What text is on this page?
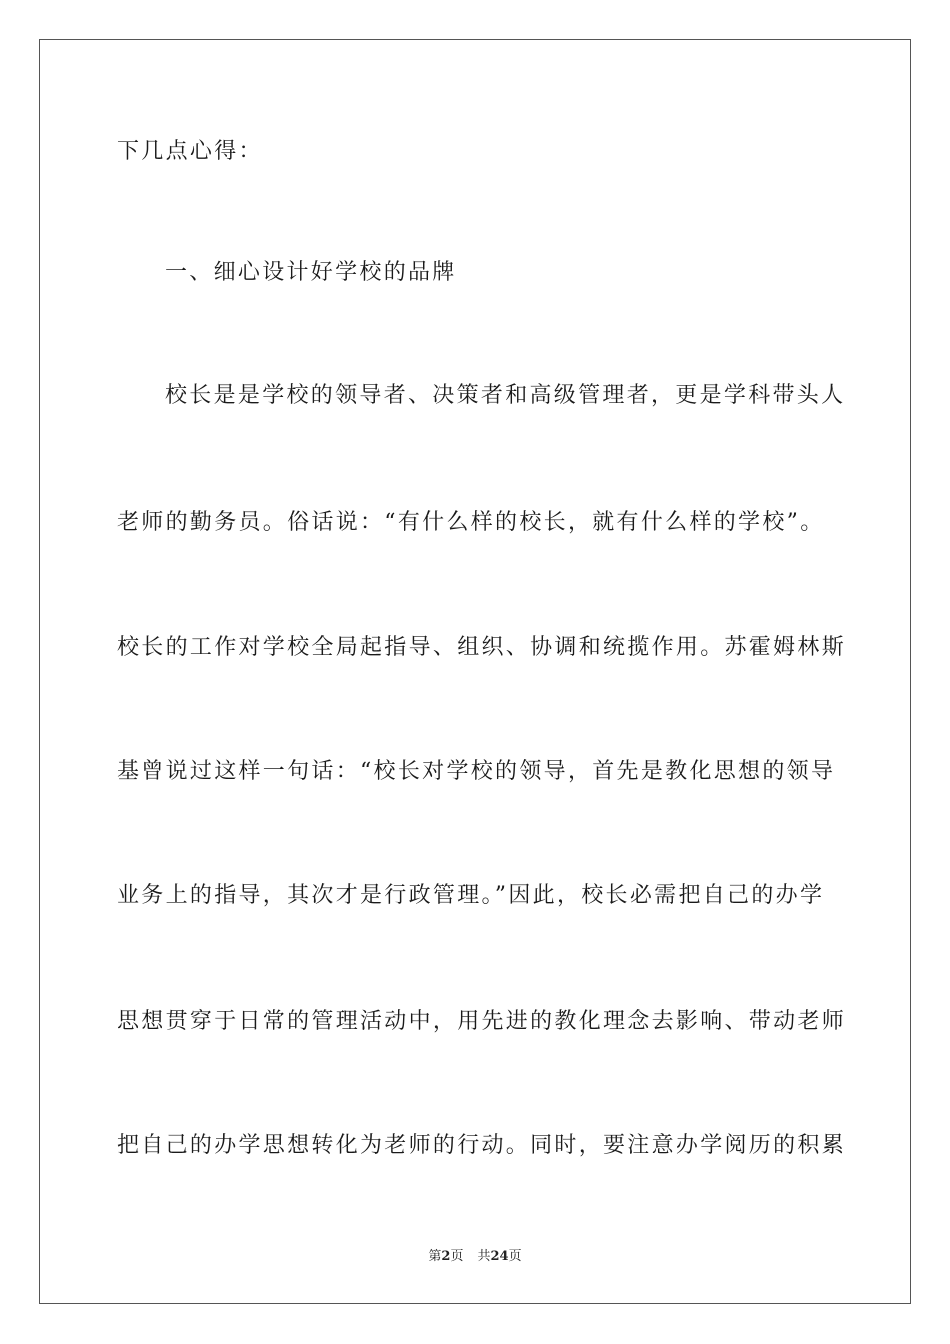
下几点心得：
一、细心设计好学校的品牌
校长是是学校的领导者、决策者和高级管理者，更是学科带头人
老师的勤务员。俗话说：“有什么样的校长，就有什么样的学校”。
校长的工作对学校全局起指导、组织、协调和统揽作用。苏霍姆林斯
基曾说过这样一句话：“校长对学校的领导，首先是教化思想的领导
业务上的指导，其次才是行政管理。”因此，校长必需把自己的办学
思想贯穿于日常的管理活动中，用先进的教化理念去影响、带动老师
把自己的办学思想转化为老师的行动。同时，要注意办学阅历的积累
第2页 共24页
